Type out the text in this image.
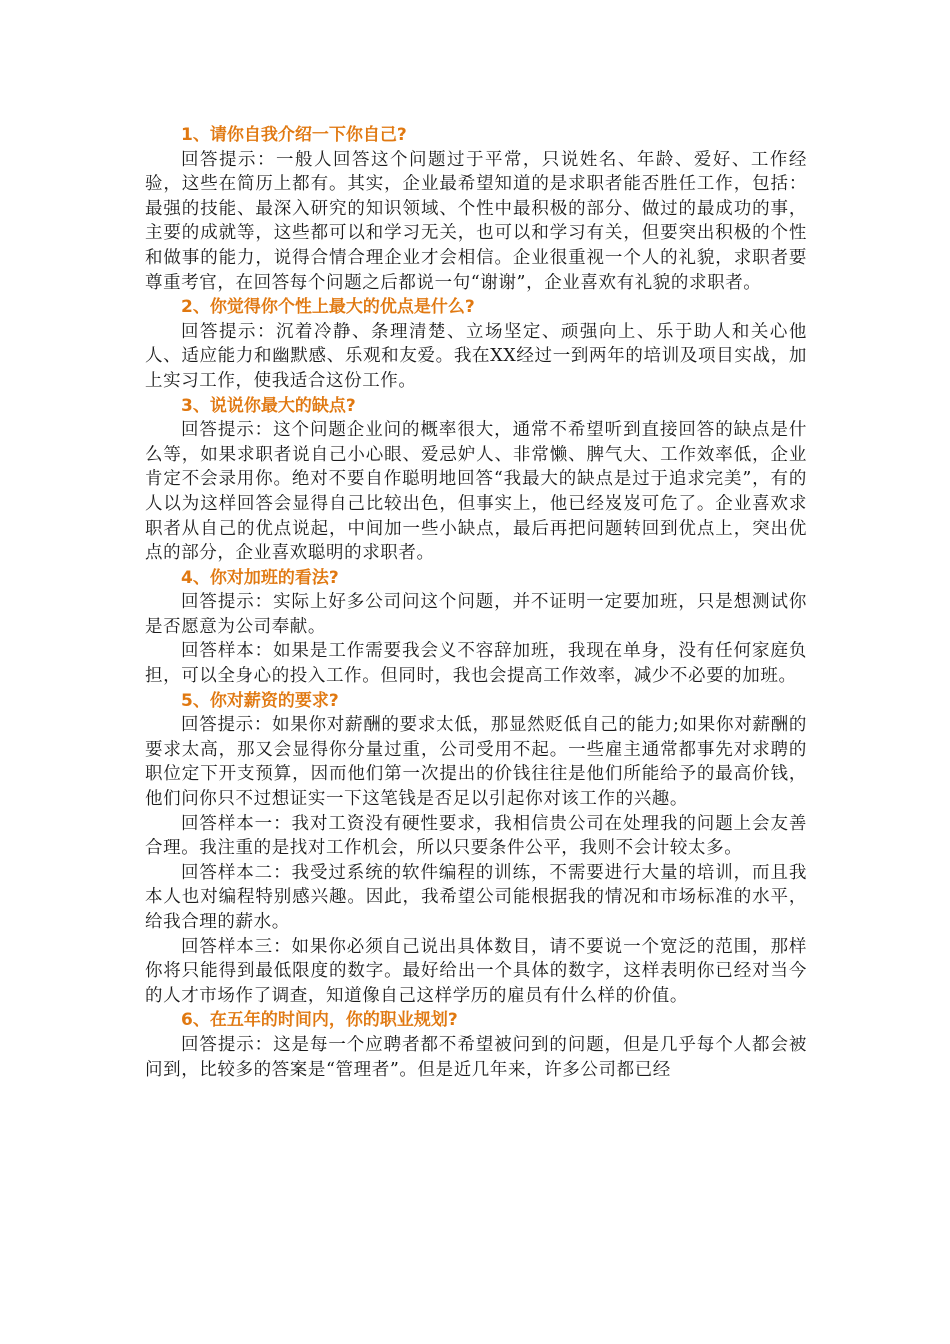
1、请你自我介绍一下你自己?

回答提示：一般人回答这个问题过于平常，只说姓名、年龄、爱好、工作经验，这些在简历上都有。其实，企业最希望知道的是求职者能否胜任工作，包括：最强的技能、最深入研究的知识领域、个性中最积极的部分、做过的最成功的事，主要的成就等，这些都可以和学习无关，也可以和学习有关，但要突出积极的个性和做事的能力，说得合情合理企业才会相信。企业很重视一个人的礼貌，求职者要尊重考官，在回答每个问题之后都说一句“谢谢”，企业喜欢有礼貌的求职者。

2、你觉得你个性上最大的优点是什么?

回答提示：沉着冷静、条理清楚、立场坚定、顽强向上、乐于助人和关心他人、适应能力和幽默感、乐观和友爱。我在XX经过一到两年的培训及项目实战，加上实习工作，使我适合这份工作。

3、说说你最大的缺点?

回答提示：这个问题企业问的概率很大，通常不希望听到直接回答的缺点是什么等，如果求职者说自己小心眼、爱忌妒人、非常懒、脾气大、工作效率低，企业肯定不会录用你。绝对不要自作聪明地回答“我最大的缺点是过于追求完美”，有的人以为这样回答会显得自己比较出色，但事实上，他已经岌岌可危了。企业喜欢求职者从自己的优点说起，中间加一些小缺点，最后再把问题转回到优点上，突出优点的部分，企业喜欢聪明的求职者。

4、你对加班的看法?

回答提示：实际上好多公司问这个问题，并不证明一定要加班，只是想测试你是否愿意为公司奉献。

回答样本：如果是工作需要我会义不容辞加班，我现在单身，没有任何家庭负担，可以全身心的投入工作。但同时，我也会提高工作效率，减少不必要的加班。

5、你对薪资的要求?

回答提示：如果你对薪酬的要求太低，那显然贬低自己的能力;如果你对薪酬的要求太高，那又会显得你分量过重，公司受用不起。一些雇主通常都事先对求聘的职位定下开支预算，因而他们第一次提出的价钱往往是他们所能给予的最高价钱，他们问你只不过想证实一下这笔钱是否足以引起你对该工作的兴趣。

回答样本一：我对工资没有硬性要求，我相信贵公司在处理我的问题上会友善合理。我注重的是找对工作机会，所以只要条件公平，我则不会计较太多。

回答样本二：我受过系统的软件编程的训练，不需要进行大量的培训，而且我本人也对编程特别感兴趣。因此，我希望公司能根据我的情况和市场标准的水平，给我合理的薪水。

回答样本三：如果你必须自己说出具体数目，请不要说一个宽泛的范围，那样你将只能得到最低限度的数字。最好给出一个具体的数字，这样表明你已经对当今的人才市场作了调查，知道像自己这样学历的雇员有什么样的价值。

6、在五年的时间内，你的职业规划?

回答提示：这是每一个应聘者都不希望被问到的问题，但是几乎每个人都会被问到，比较多的答案是“管理者”。但是近几年来，许多公司都已经
